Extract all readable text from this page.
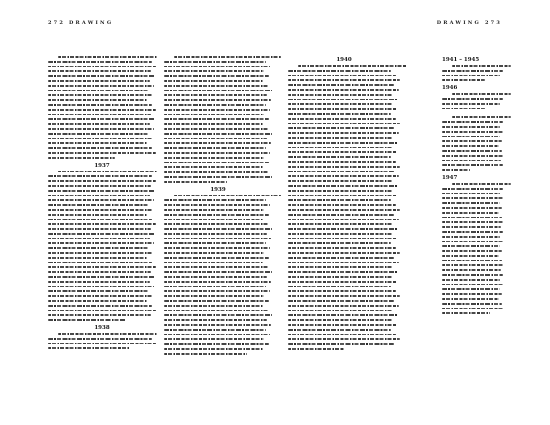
272 DRAWING	DRAWING 273
1937
1938
1939
1940	1941 – 1945
1946
1947
